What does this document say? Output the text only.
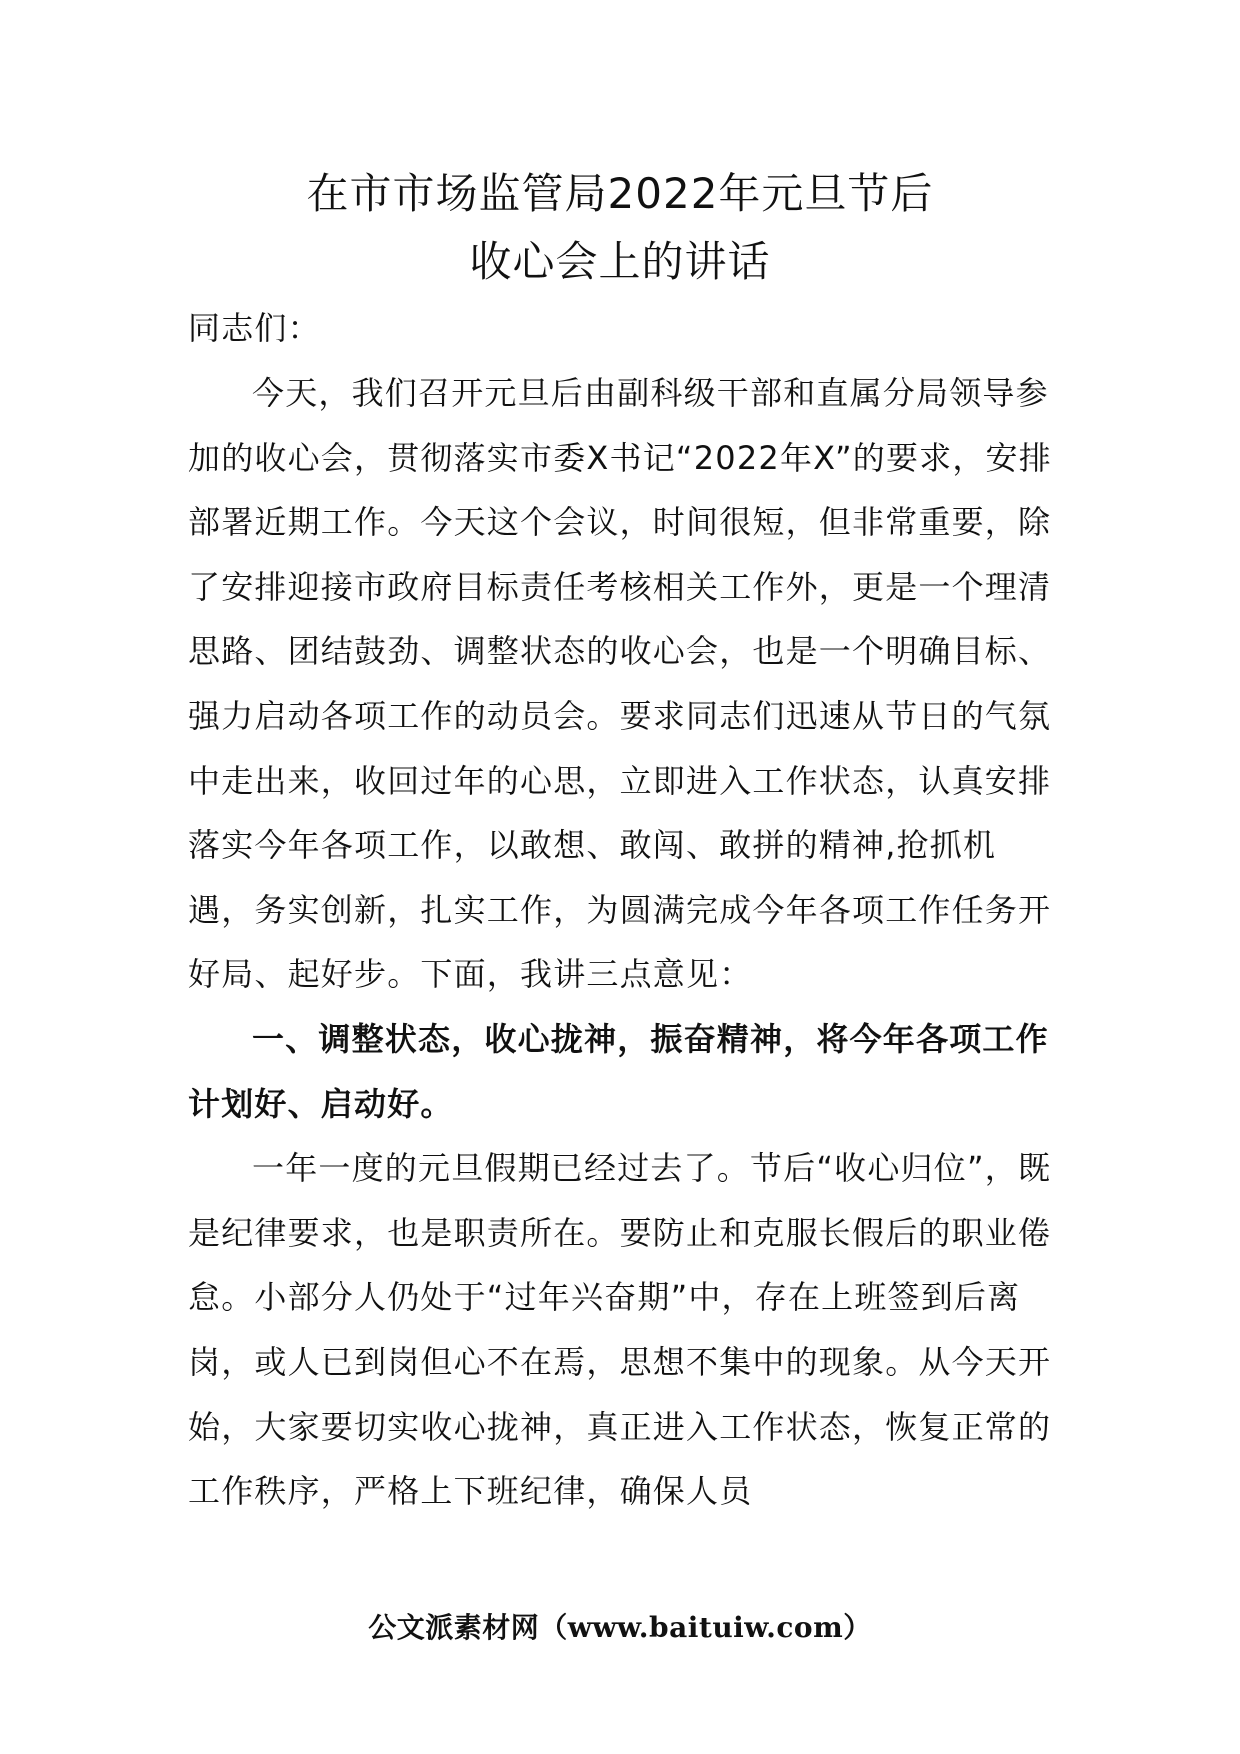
在市市场监管局2022年元旦节后
收心会上的讲话
同志们：

今天，我们召开元旦后由副科级干部和直属分局领导参加的收心会，贯彻落实市委X书记“2022年X”的要求，安排部署近期工作。今天这个会议，时间很短，但非常重要，除了安排迎接市政府目标责任考核相关工作外，更是一个理清思路、团结鼓劲、调整状态的收心会，也是一个明确目标、强力启动各项工作的动员会。要求同志们迅速从节日的气氛中走出来，收回过年的心思，立即进入工作状态，认真安排落实今年各项工作，以敢想、敢闯、敢拼的精神,抢抓机遇，务实创新，扎实工作，为圆满完成今年各项工作任务开好局、起好步。下面，我讲三点意见：

一、调整状态，收心拢神，振奋精神，将今年各项工作计划好、启动好。

一年一度的元旦假期已经过去了。节后“收心归位”，既是纪律要求，也是职责所在。要防止和克服长假后的职业倦怠。小部分人仍处于“过年兴奋期”中，存在上班签到后离岗，或人已到岗但心不在焉，思想不集中的现象。从今天开始，大家要切实收心拢神，真正进入工作状态，恢复正常的工作秩序，严格上下班纪律，确保人员

公文派素材网（www.baituiw.com）
